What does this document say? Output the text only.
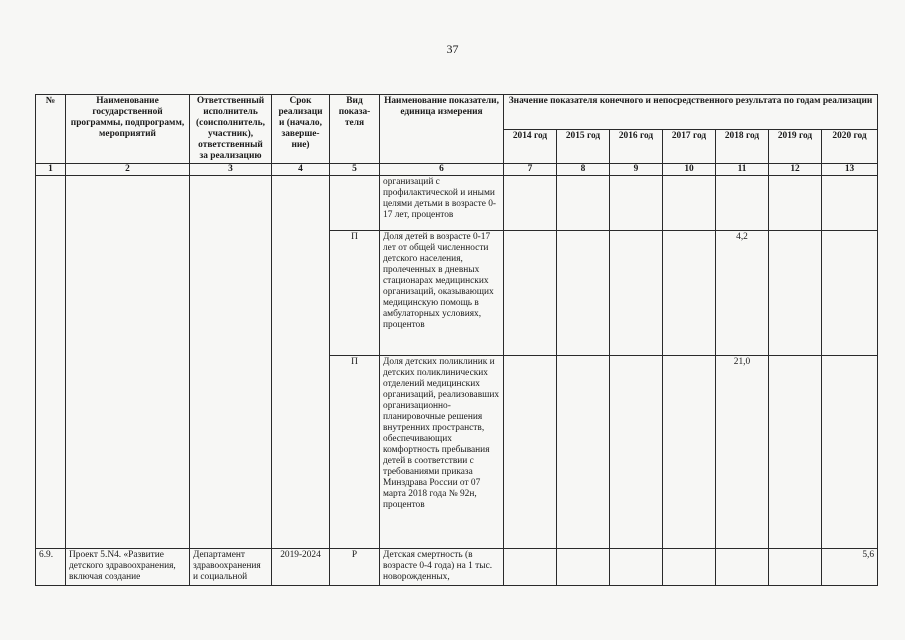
37
№	Наименование государственной программы, подпрограмм, мероприятий	Ответственный исполнитель (соисполнитель, участник), ответственный за реализацию	Срок реализаци и (начало, заверше-ние)	Вид показа-теля	Наименование показатели, единица измерения	Значение показателя конечного и непосредственного результата по годам реализации						
						2014 год	2015 год	2016 год	2017 год	2018 год	2019 год	2020 год
1	2	3	4	5	6	7	8	9	10	11	12	13
					организаций с профилактической и иными целями детьми в возрасте 0-17 лет, процентов							
				П	Доля детей в возрасте 0-17 лет от общей численности детского населения, пролеченных в дневных стационарах медицинских организаций, оказывающих медицинскую помощь в амбулаторных условиях, процентов					4,2		
				П	Доля детских поликлиник и детских поликлинических отделений медицинских организаций, реализовавших организационно-планировочные решения внутренних пространств, обеспечивающих комфортность пребывания детей в соответствии с требованиями приказа Минздрава России от 07 марта 2018 года № 92н, процентов					21,0		
6.9.	Проект 5.N4. «Развитие детского здравоохранения, включая создание	Департамент здравоохранения и социальной	2019-2024	Р	Детская смертность (в возрасте 0-4 года) на 1 тыс. новорожденных,							5,6
